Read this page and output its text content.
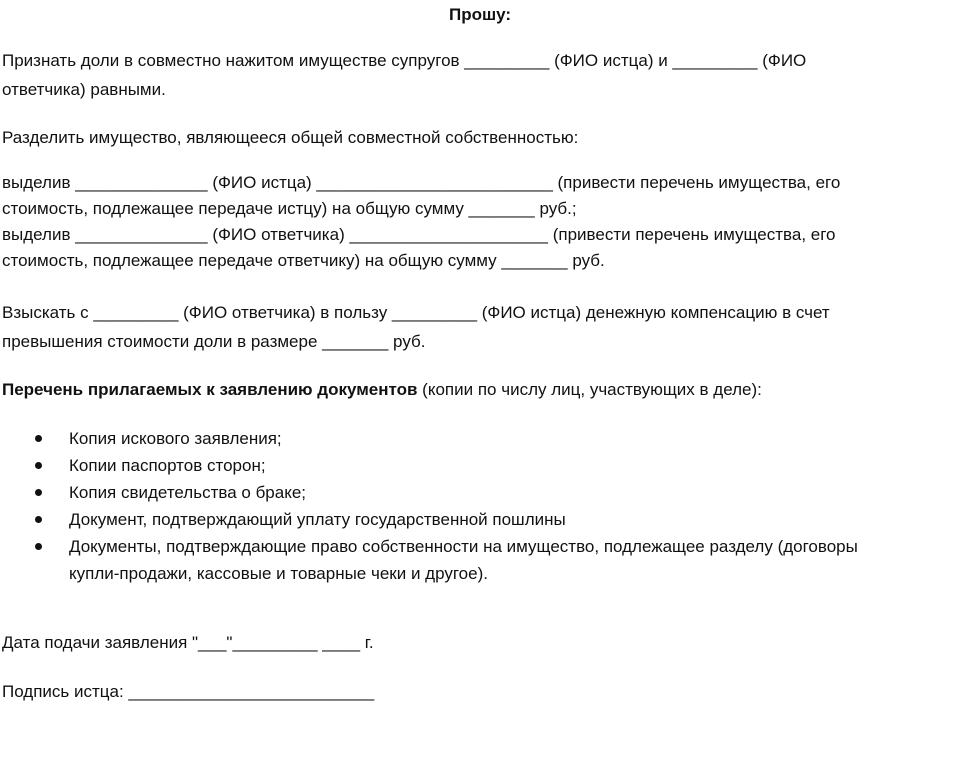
Прошу:
Признать доли в совместно нажитом имуществе супругов _________ (ФИО истца) и _________ (ФИО
ответчика) равными.
Разделить имущество, являющееся общей совместной собственностью:
выделив ______________ (ФИО истца) _________________________ (привести перечень имущества, его
стоимость, подлежащее передаче истцу) на общую сумму _______ руб.;
выделив ______________ (ФИО ответчика) _____________________ (привести перечень имущества, его
стоимость, подлежащее передаче ответчику) на общую сумму _______ руб.
Взыскать с _________ (ФИО ответчика) в пользу _________ (ФИО истца) денежную компенсацию в счет
превышения стоимости доли в размере _______ руб.
Перечень прилагаемых к заявлению документов (копии по числу лиц, участвующих в деле):
Копия искового заявления;
Копии паспортов сторон;
Копия свидетельства о браке;
Документ, подтверждающий уплату государственной пошлины
Документы, подтверждающие право собственности на имущество, подлежащее разделу (договоры
купли-продажи, кассовые и товарные чеки и другое).
Дата подачи заявления "___"_________ ____ г.
Подпись истца: __________________________
